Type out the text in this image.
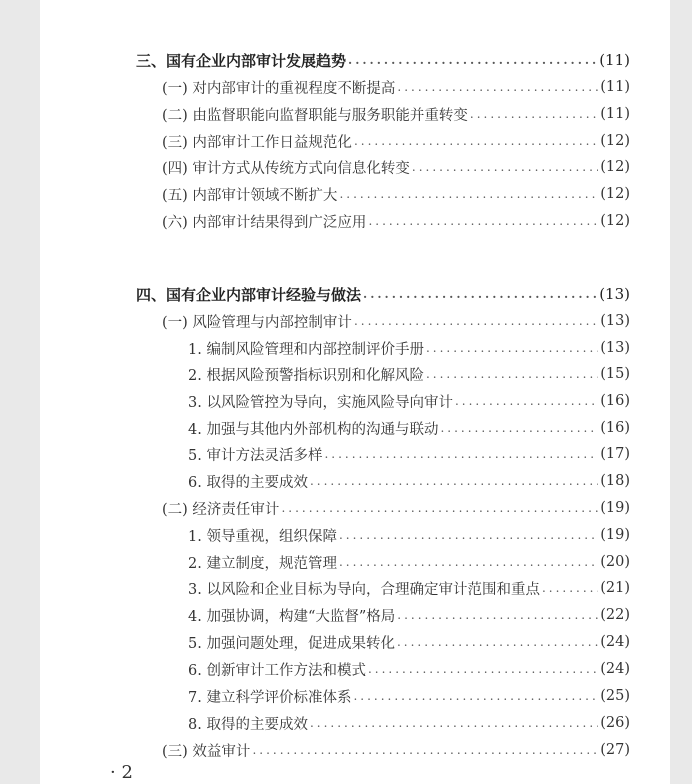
三、国有企业内部审计发展趋势 .....	(11)
(一) 对内部审计的重视程度不断提高 .....	(11)
(二) 由监督职能向监督职能与服务职能并重转变 .....	(11)
(三) 内部审计工作日益规范化 .....	(12)
(四) 审计方式从传统方式向信息化转变 .....	(12)
(五) 内部审计领域不断扩大 .....	(12)
(六) 内部审计结果得到广泛应用 .....	(12)
四、国有企业内部审计经验与做法 .....	(13)
(一) 风险管理与内部控制审计 .....	(13)
1. 编制风险管理和内部控制评价手册 .....	(13)
2. 根据风险预警指标识别和化解风险 .....	(15)
3. 以风险管控为导向，实施风险导向审计 .....	(16)
4. 加强与其他内外部机构的沟通与联动 .....	(16)
5. 审计方法灵活多样 .....	(17)
6. 取得的主要成效 .....	(18)
(二) 经济责任审计 .....	(19)
1. 领导重视，组织保障 .....	(19)
2. 建立制度，规范管理 .....	(20)
3. 以风险和企业目标为导向，合理确定审计范围和重点 .....	(21)
4. 加强协调，构建“大监督”格局 .....	(22)
5. 加强问题处理，促进成果转化 .....	(24)
6. 创新审计工作方法和模式 .....	(24)
7. 建立科学评价标准体系 .....	(25)
8. 取得的主要成效 .....	(26)
(三) 效益审计 .....	(27)
· 2
